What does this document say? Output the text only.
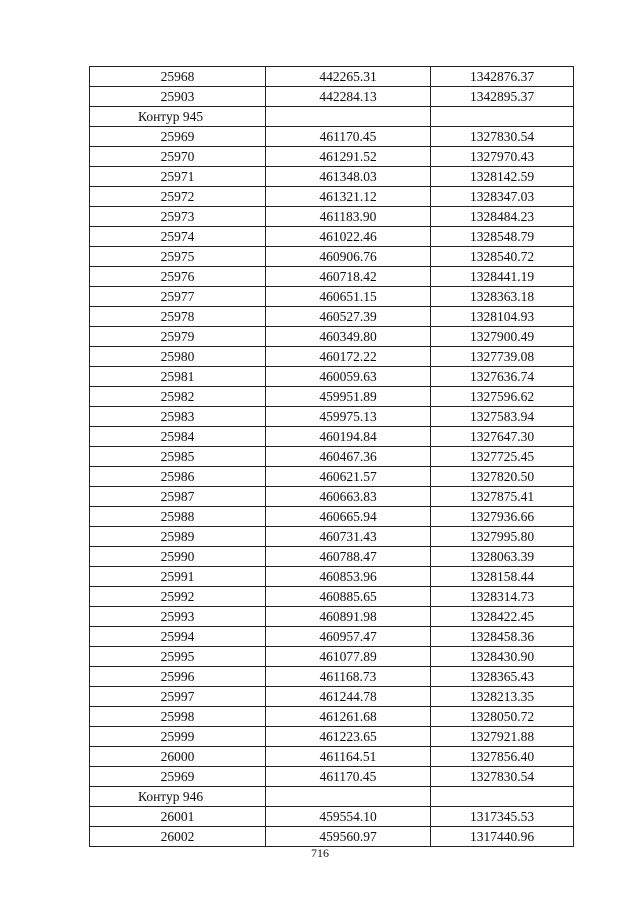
25968	442265.31	1342876.37
25903	442284.13	1342895.37
Контур 945		
25969	461170.45	1327830.54
25970	461291.52	1327970.43
25971	461348.03	1328142.59
25972	461321.12	1328347.03
25973	461183.90	1328484.23
25974	461022.46	1328548.79
25975	460906.76	1328540.72
25976	460718.42	1328441.19
25977	460651.15	1328363.18
25978	460527.39	1328104.93
25979	460349.80	1327900.49
25980	460172.22	1327739.08
25981	460059.63	1327636.74
25982	459951.89	1327596.62
25983	459975.13	1327583.94
25984	460194.84	1327647.30
25985	460467.36	1327725.45
25986	460621.57	1327820.50
25987	460663.83	1327875.41
25988	460665.94	1327936.66
25989	460731.43	1327995.80
25990	460788.47	1328063.39
25991	460853.96	1328158.44
25992	460885.65	1328314.73
25993	460891.98	1328422.45
25994	460957.47	1328458.36
25995	461077.89	1328430.90
25996	461168.73	1328365.43
25997	461244.78	1328213.35
25998	461261.68	1328050.72
25999	461223.65	1327921.88
26000	461164.51	1327856.40
25969	461170.45	1327830.54
Контур 946		
26001	459554.10	1317345.53
26002	459560.97	1317440.96
716
